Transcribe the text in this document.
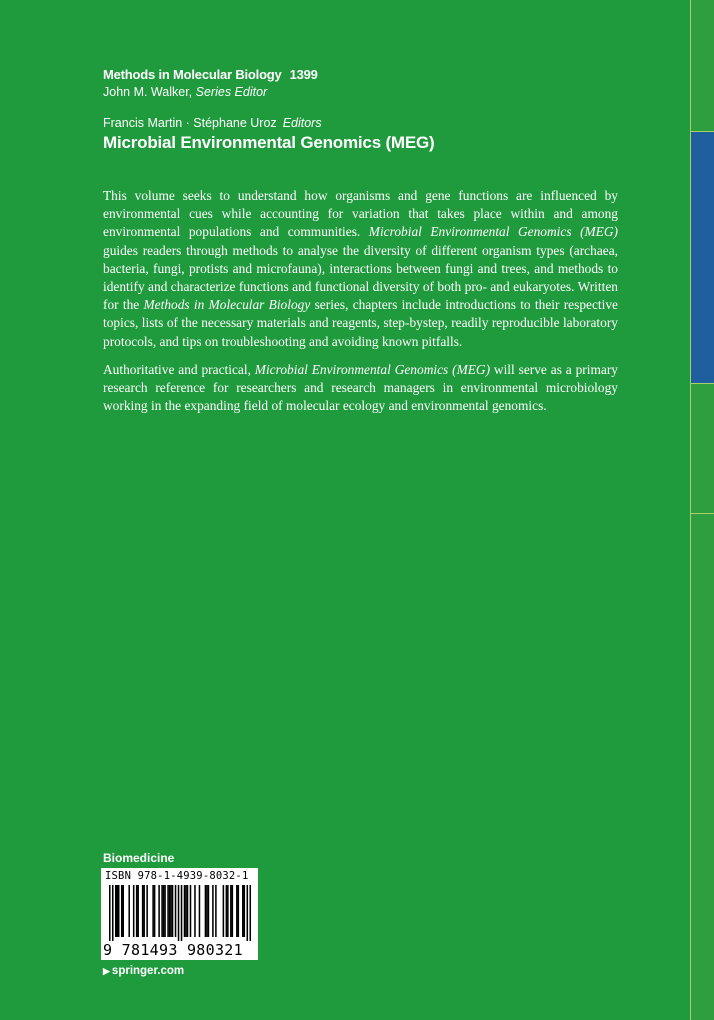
Methods in Molecular Biology 1399
John M. Walker, Series Editor
Francis Martin · Stéphane Uroz Editors
Microbial Environmental Genomics (MEG)

This volume seeks to understand how organisms and gene functions are influenced by environmental cues while accounting for variation that takes place within and among environmental populations and communities. Microbial Environmental Genomics (MEG) guides readers through methods to analyse the diversity of different organism types (archaea, bacteria, fungi, protists and microfauna), interactions between fungi and trees, and methods to identify and characterize functions and functional diversity of both pro- and eukaryotes. Written for the Methods in Molecular Biology series, chapters include introductions to their respective topics, lists of the necessary materials and reagents, step-bystep, readily reproducible laboratory protocols, and tips on troubleshooting and avoiding known pitfalls.

Authoritative and practical, Microbial Environmental Genomics (MEG) will serve as a primary research reference for researchers and research managers in environmental microbiology working in the expanding field of molecular ecology and environmental genomics.

Biomedicine
ISBN 978-1-4939-8032-1
9 781493 980321
▶ springer.com
